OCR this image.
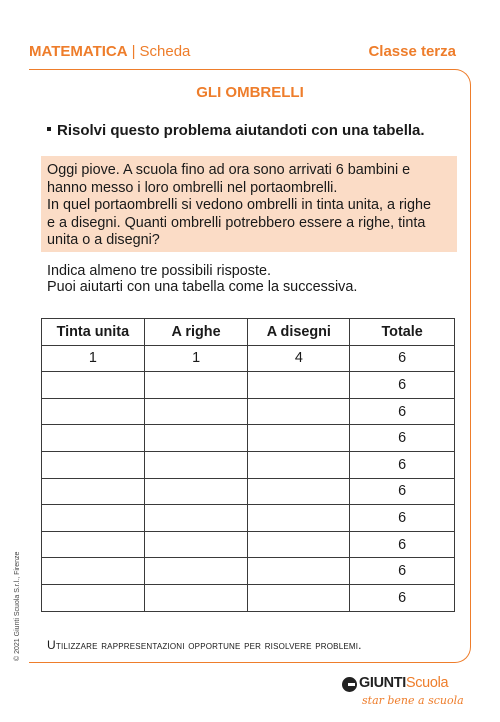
MATEMATICA | Scheda	Classe terza
GLI OMBRELLI
Risolvi questo problema aiutandoti con una tabella.

Oggi piove. A scuola fino ad ora sono arrivati 6 bambini e

hanno messo i loro ombrelli nel portaombrelli.

In quel portaombrelli si vedono ombrelli in tinta unita, a righe

e a disegni. Quanti ombrelli potrebbero essere a righe, tinta

unita o a disegni?

Indica almeno tre possibili risposte.

Puoi aiutarti con una tabella come la successiva.

Tinta unita	A righe	A disegni	Totale
1	1	4	6
			6
			6
			6
			6
			6
			6
			6
			6
			6
Utilizzare rappresentazioni opportune per risolvere problemi.
© 2021 Giunti Scuola S.r.l., Firenze
GIUNTIScuola
star bene a scuola
